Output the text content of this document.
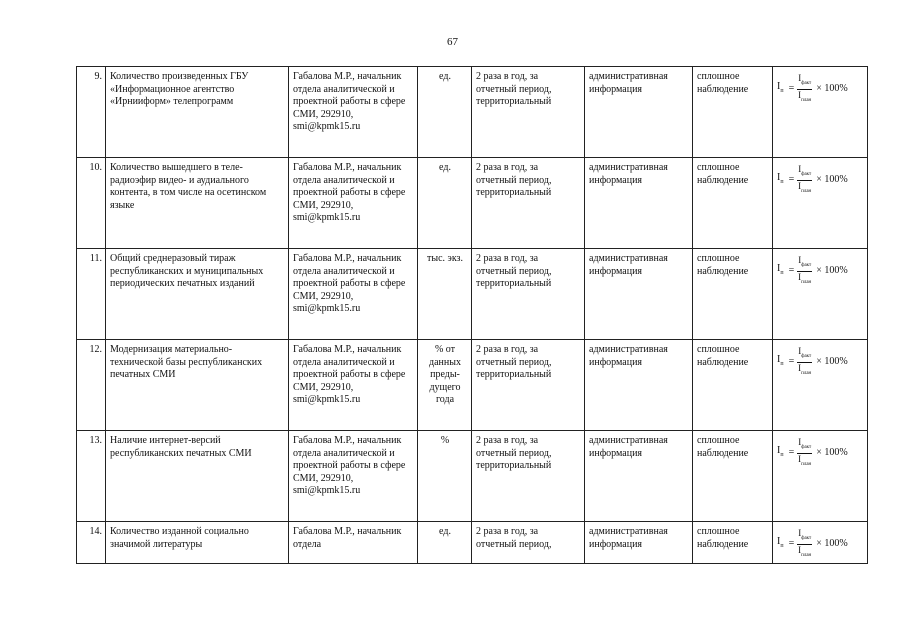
67
9.	Количество произведенных ГБУ «Информационное агентство «Ирнииформ» телепрограмм	Габалова М.Р., начальник отдела аналитической и проектной работы в сфере СМИ, 292910, smi@kpmk15.ru	ед.	2 раза в год, за отчетный период, территориальный	административная информация	сплошное наблюдение	$I_п = \frac{I_{факт}}{I_{план}} \times 100\%$

10.	Количество вышедшего в теле-радиоэфир видео- и аудиального контента, в том числе на осетинском языке	Габалова М.Р., начальник отдела аналитической и проектной работы в сфере СМИ, 292910, smi@kpmk15.ru	ед.	2 раза в год, за отчетный период, территориальный	административная информация	сплошное наблюдение	$I_п = \frac{I_{факт}}{I_{план}} \times 100\%$

11.	Общий среднеразовый тираж республиканских и муниципальных периодических печатных изданий	Габалова М.Р., начальник отдела аналитической и проектной работы в сфере СМИ, 292910, smi@kpmk15.ru	тыс. экз.	2 раза в год, за отчетный период, территориальный	административная информация	сплошное наблюдение	$I_п = \frac{I_{факт}}{I_{план}} \times 100\%$

12.	Модернизация материально-технической базы республиканских печатных СМИ	Габалова М.Р., начальник отдела аналитической и проектной работы в сфере СМИ, 292910, smi@kpmk15.ru	% от данных преды-дущего года	2 раза в год, за отчетный период, территориальный	административная информация	сплошное наблюдение	$I_п = \frac{I_{факт}}{I_{план}} \times 100\%$

13.	Наличие интернет-версий республиканских печатных СМИ	Габалова М.Р., начальник отдела аналитической и проектной работы в сфере СМИ, 292910, smi@kpmk15.ru	%	2 раза в год, за отчетный период, территориальный	административная информация	сплошное наблюдение	$I_п = \frac{I_{факт}}{I_{план}} \times 100\%$

14.	Количество изданной социально значимой литературы	Габалова М.Р., начальник отдела	ед.	2 раза в год, за отчетный период,	административная информация	сплошное наблюдение	$I_п = \frac{I_{факт}}{I_{план}} \times 100\%$
